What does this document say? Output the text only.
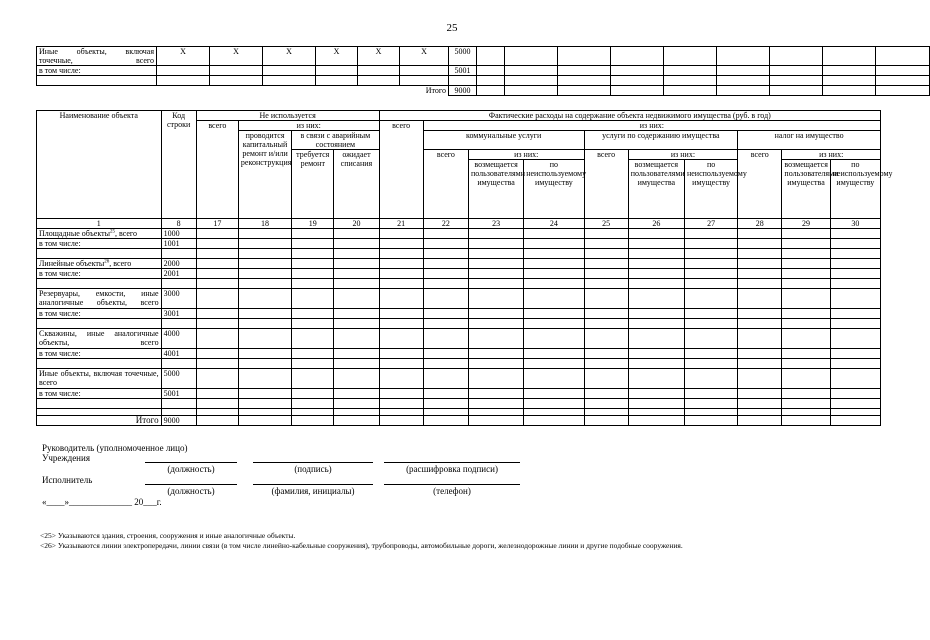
25
Иные объекты, включая точечные, всего	X	X	X	X	X	X	5000									
в том числе:							5001									

Итого							9000									
Наименование объекта	Код строки	Не используется				Фактические расходы на содержание объекта недвижимого имущества (руб. в год)									
		всего	из них:			всего	из них:								
			проводится капитальный ремонт и/или реконструкция	в связи с аварийным состоянием			коммунальные услуги			услуги по содержанию имущества			налог на имущество		
				требуется ремонт	ожидает списания		всего	из них:		всего	из них:		всего	из них:	
								возмещается пользователями имущества	по неиспользуемому имуществу		возмещается пользователями имущества	по неиспользуемому имуществу		возмещается пользователями имущества	по неиспользуемому имуществу
1	8	17	18	19	20	21	22	23	24	25	26	27	28	29	30
Площадные объекты$^{25}$, всего	1000														
в том числе:	1001														

Линейные объекты$^{26}$, всего	2000														
в том числе:	2001														

Резервуары, емкости, иные аналогичные объекты, всего	3000														
в том числе:	3001														

Скважины, иные аналогичные объекты, всего	4000														
в том числе:	4001														

Иные объекты, включая точечные, всего	5000														
в том числе:	5001														

Итого	9000														
Руководитель (уполномоченное лицо)
Учреждения
(должность)	(подпись)	(расшифровка подписи)
Исполнитель
(должность)	(фамилия, инициалы)	(телефон)
«____»______________ 20___г.
<25> Указываются здания, строения, сооружения и иные аналогичные объекты.
<26> Указываются линии электропередачи, линии связи (в том числе линейно-кабельные сооружения), трубопроводы, автомобильные дороги, железнодорожные линии и другие подобные сооружения.
